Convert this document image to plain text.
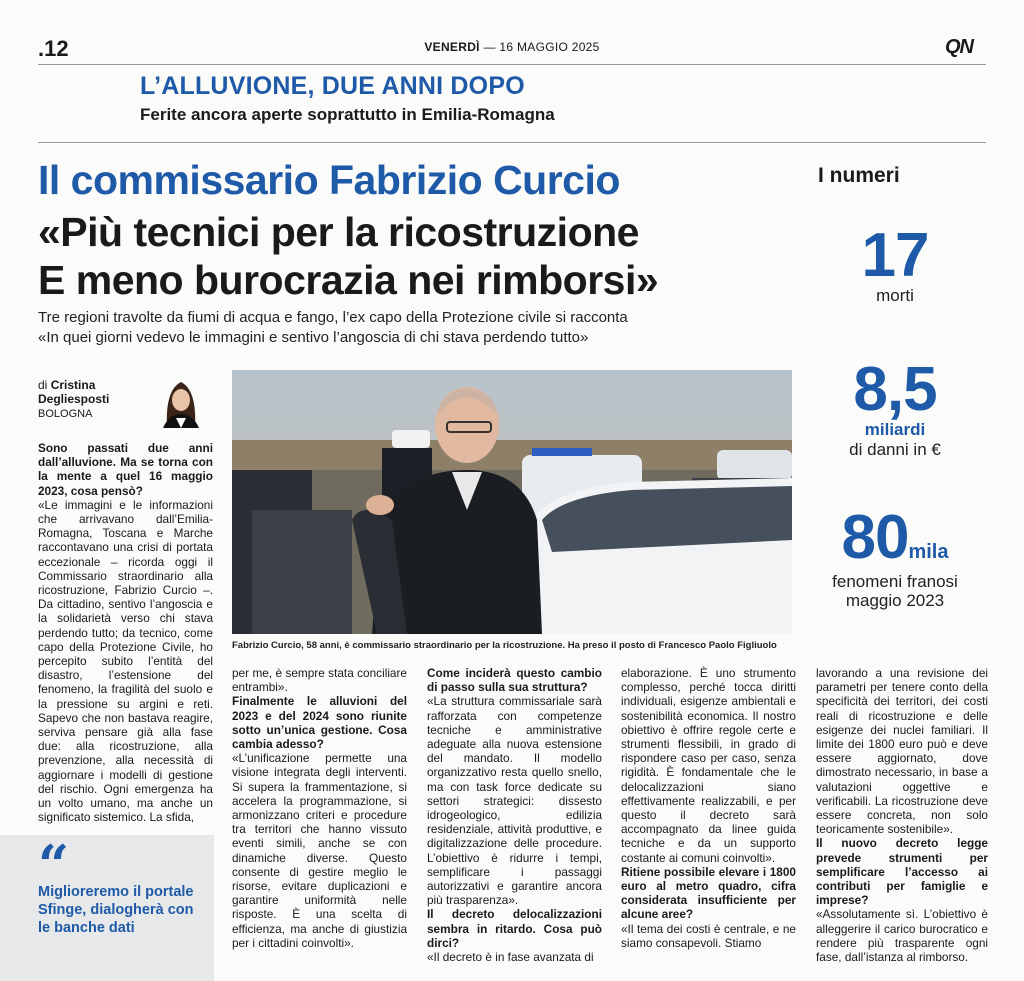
.12	VENERDÌ — 16 MAGGIO 2025	QN
L’ALLUVIONE, DUE ANNI DOPO
Ferite ancora aperte soprattutto in Emilia-Romagna
Il commissario Fabrizio Curcio
«Più tecnici per la ricostruzione
E meno burocrazia nei rimborsi»
Tre regioni travolte da fiumi di acqua e fango, l’ex capo della Protezione civile si racconta
«In quei giorni vedevo le immagini e sentivo l’angoscia di chi stava perdendo tutto»
I numeri
17
morti
8,5
miliardi
di danni in €
80mila
fenomeni franosi maggio 2023
di Cristina
Degliesposti
BOLOGNA
Fabrizio Curcio, 58 anni, è commissario straordinario per la ricostruzione. Ha preso il posto di Francesco Paolo Figliuolo

Sono passati due anni dall’alluvione. Ma se torna con la mente a quel 16 maggio 2023, cosa pensò?

«Le immagini e le informazioni che arrivavano dall’Emilia-Romagna, Toscana e Marche raccontavano una crisi di portata eccezionale – ricorda oggi il Commissario straordinario alla ricostruzione, Fabrizio Curcio –. Da cittadino, sentivo l’angoscia e la solidarietà verso chi stava perdendo tutto; da tecnico, come capo della Protezione Civile, ho percepito subito l’entità del disastro, l’estensione del fenomeno, la fragilità del suolo e la pressione su argini e reti. Sapevo che non bastava reagire, serviva pensare già alla fase due: alla ricostruzione, alla prevenzione, alla necessità di aggiornare i modelli di gestione del rischio. Ogni emergenza ha un volto umano, ma anche un significato sistemico. La sfida,

per me, è sempre stata conciliare entrambi».

Finalmente le alluvioni del 2023 e del 2024 sono riunite sotto un’unica gestione. Cosa cambia adesso?

«L’unificazione permette una visione integrata degli interventi. Si supera la frammentazione, si accelera la programmazione, si armonizzano criteri e procedure tra territori che hanno vissuto eventi simili, anche se con dinamiche diverse. Questo consente di gestire meglio le risorse, evitare duplicazioni e garantire uniformità nelle risposte. È una scelta di efficienza, ma anche di giustizia per i cittadini coinvolti».

Come inciderà questo cambio di passo sulla sua struttura?

«La struttura commissariale sarà rafforzata con competenze tecniche e amministrative adeguate alla nuova estensione del mandato. Il modello organizzativo resta quello snello, ma con task force dedicate su settori strategici: dissesto idrogeologico, edilizia residenziale, attività produttive, e digitalizzazione delle procedure. L’obiettivo è ridurre i tempi, semplificare i passaggi autorizzativi e garantire ancora più trasparenza».

Il decreto delocalizzazioni sembra in ritardo. Cosa può dirci?

«Il decreto è in fase avanzata di

elaborazione. È uno strumento complesso, perché tocca diritti individuali, esigenze ambientali e sostenibilità economica. Il nostro obiettivo è offrire regole certe e strumenti flessibili, in grado di rispondere caso per caso, senza rigidità. È fondamentale che le delocalizzazioni siano effettivamente realizzabili, e per questo il decreto sarà accompagnato da linee guida tecniche e da un supporto costante ai comuni coinvolti».

Ritiene possibile elevare i 1800 euro al metro quadro, cifra considerata insufficiente per alcune aree?

«Il tema dei costi è centrale, e ne siamo consapevoli. Stiamo

lavorando a una revisione dei parametri per tenere conto della specificità dei territori, dei costi reali di ricostruzione e delle esigenze dei nuclei familiari. Il limite dei 1800 euro può e deve essere aggiornato, dove dimostrato necessario, in base a valutazioni oggettive e verificabili. La ricostruzione deve essere concreta, non solo teoricamente sostenibile».

Il nuovo decreto legge prevede strumenti per semplificare l’accesso ai contributi per famiglie e imprese?

«Assolutamente sì. L’obiettivo è alleggerire il carico burocratico e rendere più trasparente ogni fase, dall’istanza al rimborso.

“
Miglioreremo il portale Sfinge, dialogherà con le banche dati
